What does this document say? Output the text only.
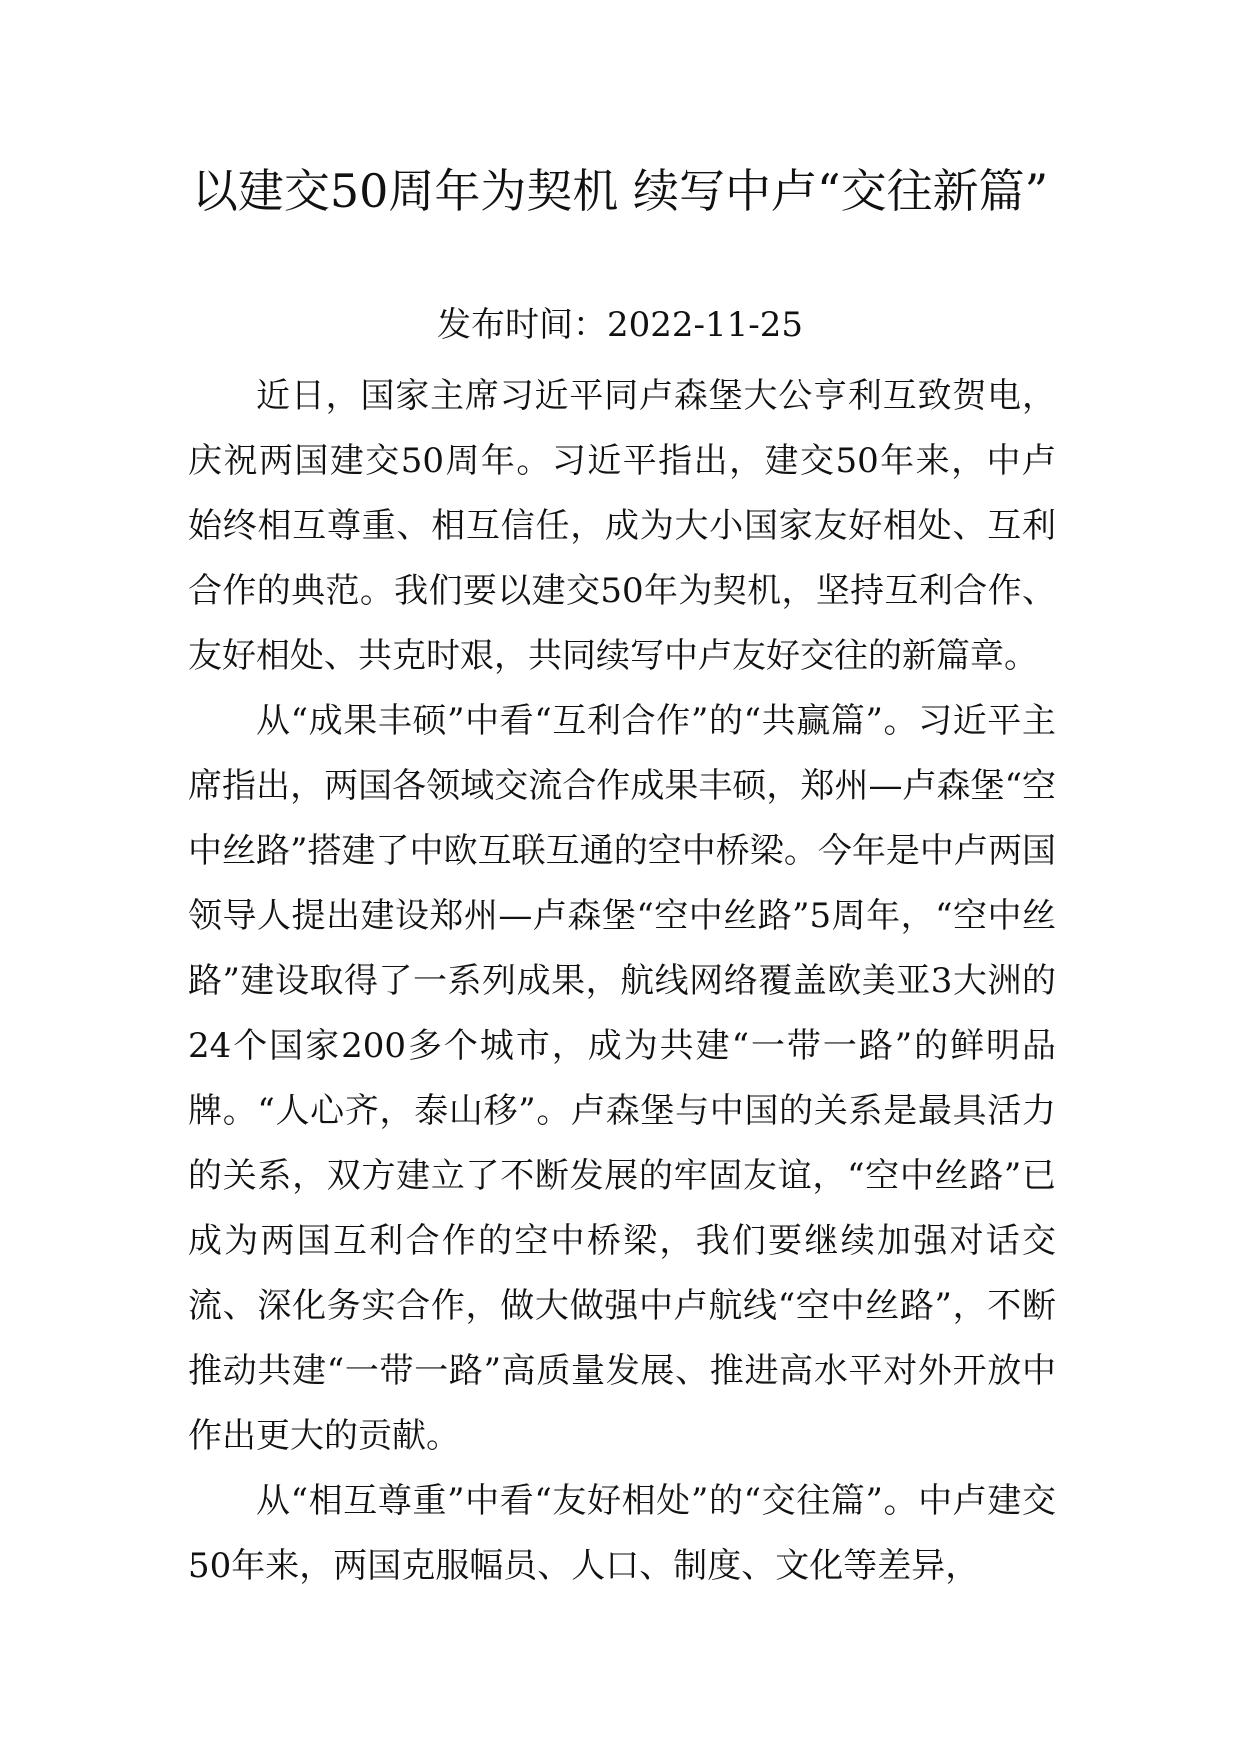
以建交50周年为契机 续写中卢“交往新篇”
发布时间：2022-11-25

近日，国家主席习近平同卢森堡大公亨利互致贺电，庆祝两国建交50周年。习近平指出，建交50年来，中卢始终相互尊重、相互信任，成为大小国家友好相处、互利合作的典范。我们要以建交50年为契机，坚持互利合作、友好相处、共克时艰，共同续写中卢友好交往的新篇章。

从“成果丰硕”中看“互利合作”的“共赢篇”。习近平主席指出，两国各领域交流合作成果丰硕，郑州—卢森堡“空中丝路”搭建了中欧互联互通的空中桥梁。今年是中卢两国领导人提出建设郑州—卢森堡“空中丝路”5周年，“空中丝路”建设取得了一系列成果，航线网络覆盖欧美亚3大洲的24个国家200多个城市，成为共建“一带一路”的鲜明品牌。“人心齐，泰山移”。卢森堡与中国的关系是最具活力的关系，双方建立了不断发展的牢固友谊，“空中丝路”已成为两国互利合作的空中桥梁，我们要继续加强对话交流、深化务实合作，做大做强中卢航线“空中丝路”，不断推动共建“一带一路”高质量发展、推进高水平对外开放中作出更大的贡献。

从“相互尊重”中看“友好相处”的“交往篇”。中卢建交50年来，两国克服幅员、人口、制度、文化等差异，
